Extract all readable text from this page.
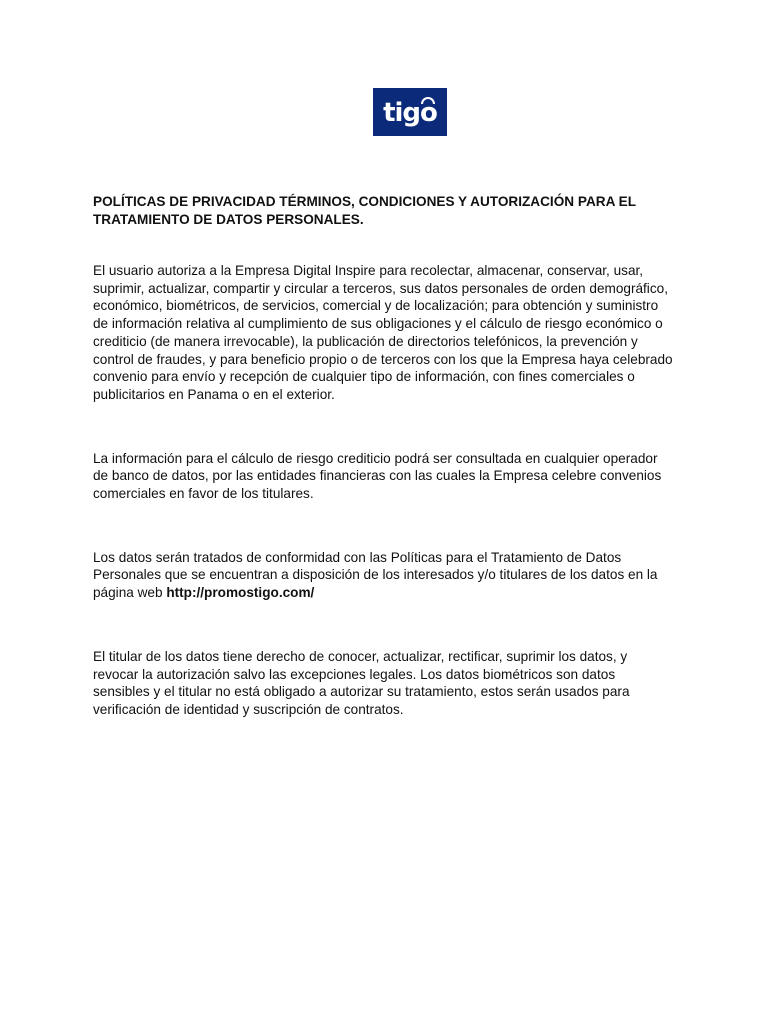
tigo

POLÍTICAS DE PRIVACIDAD TÉRMINOS, CONDICIONES Y AUTORIZACIÓN PARA EL TRATAMIENTO DE DATOS PERSONALES.

El usuario autoriza a la Empresa Digital Inspire para recolectar, almacenar, conservar, usar, suprimir, actualizar, compartir y circular a terceros, sus datos personales de orden demográfico, económico, biométricos, de servicios, comercial y de localización; para obtención y suministro de información relativa al cumplimiento de sus obligaciones y el cálculo de riesgo económico o crediticio (de manera irrevocable), la publicación de directorios telefónicos, la prevención y control de fraudes, y para beneficio propio o de terceros con los que la Empresa haya celebrado convenio para envío y recepción de cualquier tipo de información, con fines comerciales o publicitarios en Panama o en el exterior.

La información para el cálculo de riesgo crediticio podrá ser consultada en cualquier operador de banco de datos, por las entidades financieras con las cuales la Empresa celebre convenios comerciales en favor de los titulares.

Los datos serán tratados de conformidad con las Políticas para el Tratamiento de Datos Personales que se encuentran a disposición de los interesados y/o titulares de los datos en la página web http://promostigo.com/

El titular de los datos tiene derecho de conocer, actualizar, rectificar, suprimir los datos, y revocar la autorización salvo las excepciones legales. Los datos biométricos son datos sensibles y el titular no está obligado a autorizar su tratamiento, estos serán usados para verificación de identidad y suscripción de contratos.
